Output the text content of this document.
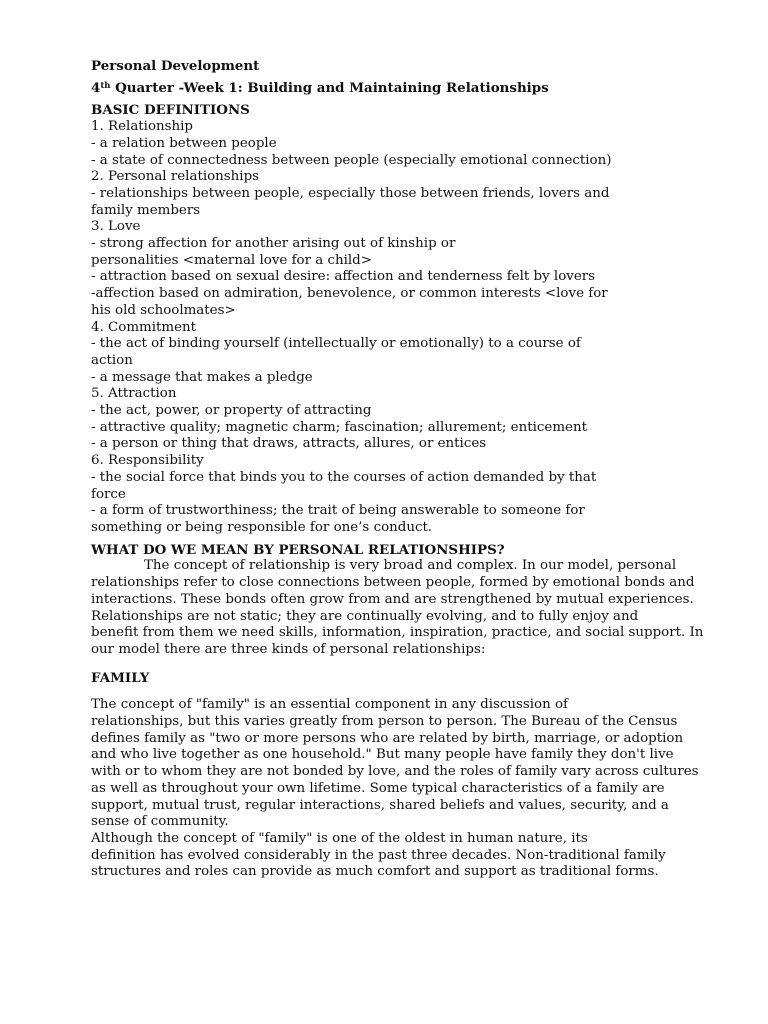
Personal Development
4th Quarter -Week 1: Building and Maintaining Relationships
BASIC DEFINITIONS
1. Relationship
- a relation between people
- a state of connectedness between people (especially emotional connection)
2. Personal relationships
- relationships between people, especially those between friends, lovers and
family members
3. Love
- strong affection for another arising out of kinship or
personalities <maternal love for a child>
- attraction based on sexual desire: affection and tenderness felt by lovers
-affection based on admiration, benevolence, or common interests <love for
his old schoolmates>
4. Commitment
- the act of binding yourself (intellectually or emotionally) to a course of
action
- a message that makes a pledge
5. Attraction
- the act, power, or property of attracting
- attractive quality; magnetic charm; fascination; allurement; enticement
- a person or thing that draws, attracts, allures, or entices
6. Responsibility
- the social force that binds you to the courses of action demanded by that
force
- a form of trustworthiness; the trait of being answerable to someone for
something or being responsible for one’s conduct.
WHAT DO WE MEAN BY PERSONAL RELATIONSHIPS?
The concept of relationship is very broad and complex. In our model, personal
relationships refer to close connections between people, formed by emotional bonds and
interactions. These bonds often grow from and are strengthened by mutual experiences.
Relationships are not static; they are continually evolving, and to fully enjoy and
benefit from them we need skills, information, inspiration, practice, and social support. In
our model there are three kinds of personal relationships:
FAMILY
The concept of "family" is an essential component in any discussion of
relationships, but this varies greatly from person to person. The Bureau of the Census
defines family as "two or more persons who are related by birth, marriage, or adoption
and who live together as one household." But many people have family they don't live
with or to whom they are not bonded by love, and the roles of family vary across cultures
as well as throughout your own lifetime. Some typical characteristics of a family are
support, mutual trust, regular interactions, shared beliefs and values, security, and a
sense of community.
Although the concept of "family" is one of the oldest in human nature, its
definition has evolved considerably in the past three decades. Non-traditional family
structures and roles can provide as much comfort and support as traditional forms.
